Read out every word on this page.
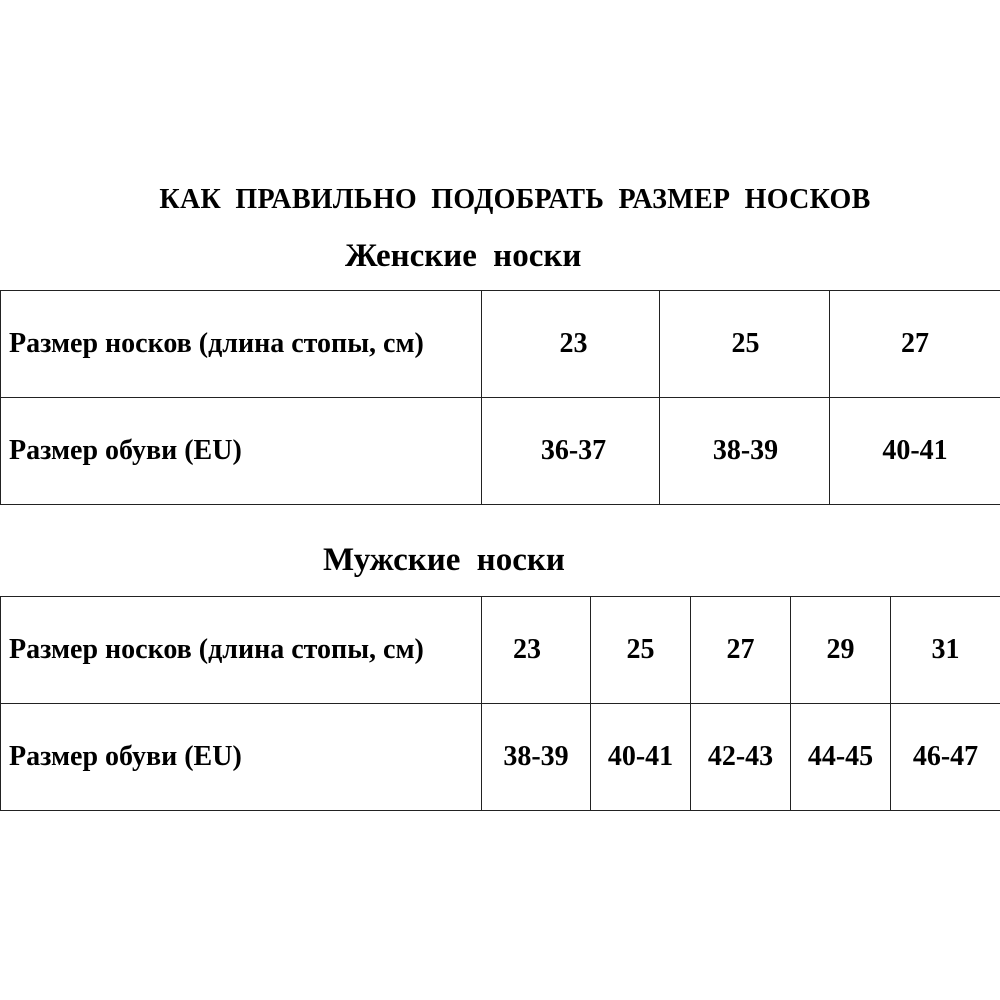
КАК ПРАВИЛЬНО ПОДОБРАТЬ РАЗМЕР НОСКОВ
Женские носки
Размер носков (длина стопы, см)	23	25	27
Размер обуви (EU)	36-37	38-39	40-41
Мужские носки
Размер носков (длина стопы, см)	23	25	27	29	31
Размер обуви (EU)	38-39	40-41	42-43	44-45	46-47
